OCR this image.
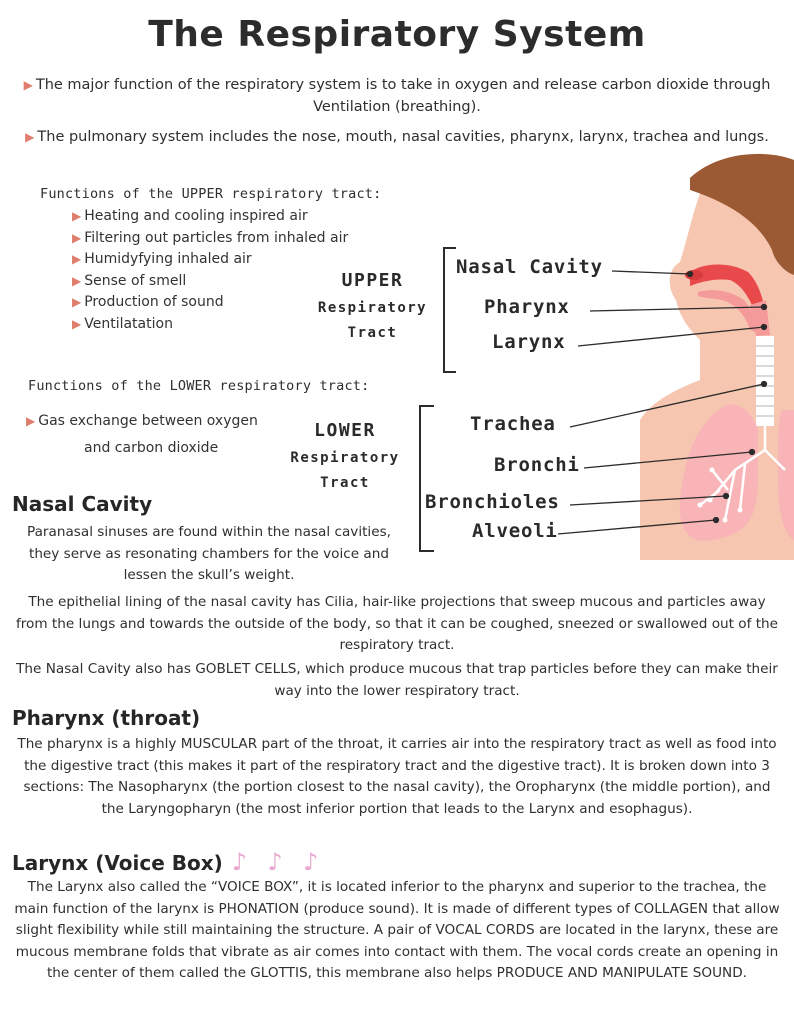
The Respiratory System
▶ The major function of the respiratory system is to take in oxygen and release carbon dioxide through Ventilation (breathing).
▶ The pulmonary system includes the nose, mouth, nasal cavities, pharynx, larynx, trachea and lungs.
Functions of the UPPER respiratory tract:
▶ Heating and cooling inspired air
▶ Filtering out particles from inhaled air
▶ Humidyfying inhaled air
▶ Sense of smell
▶ Production of sound
▶ Ventilatation
UPPER
Respiratory
Tract
Nasal Cavity
Pharynx
Larynx
Functions of the LOWER respiratory tract:
▶ Gas exchange between oxygen
and carbon dioxide
LOWER
Respiratory
Tract
Trachea
Bronchi
Bronchioles
Alveoli
Nasal Cavity
Paranasal sinuses are found within the nasal cavities, they serve as resonating chambers for the voice and lessen the skull’s weight.
The epithelial lining of the nasal cavity has Cilia, hair-like projections that sweep mucous and particles away from the lungs and towards the outside of the body, so that it can be coughed, sneezed or swallowed out of the respiratory tract.
The Nasal Cavity also has GOBLET CELLS, which produce mucous that trap particles before they can make their way into the lower respiratory tract.
Pharynx (throat)
The pharynx is a highly MUSCULAR part of the throat, it carries air into the respiratory tract as well as food into the digestive tract (this makes it part of the respiratory tract and the digestive tract). It is broken down into 3 sections: The Nasopharynx (the portion closest to the nasal cavity), the Oropharynx (the middle portion), and the Laryngopharyn (the most inferior portion that leads to the Larynx and esophagus).
Larynx (Voice Box) ♪ ♪ ♪
The Larynx also called the “VOICE BOX”, it is located inferior to the pharynx and superior to the trachea, the main function of the larynx is PHONATION (produce sound). It is made of different types of COLLAGEN that allow slight flexibility while still maintaining the structure. A pair of VOCAL CORDS are located in the larynx, these are mucous membrane folds that vibrate as air comes into contact with them. The vocal cords create an opening in the center of them called the GLOTTIS, this membrane also helps PRODUCE AND MANIPULATE SOUND.
